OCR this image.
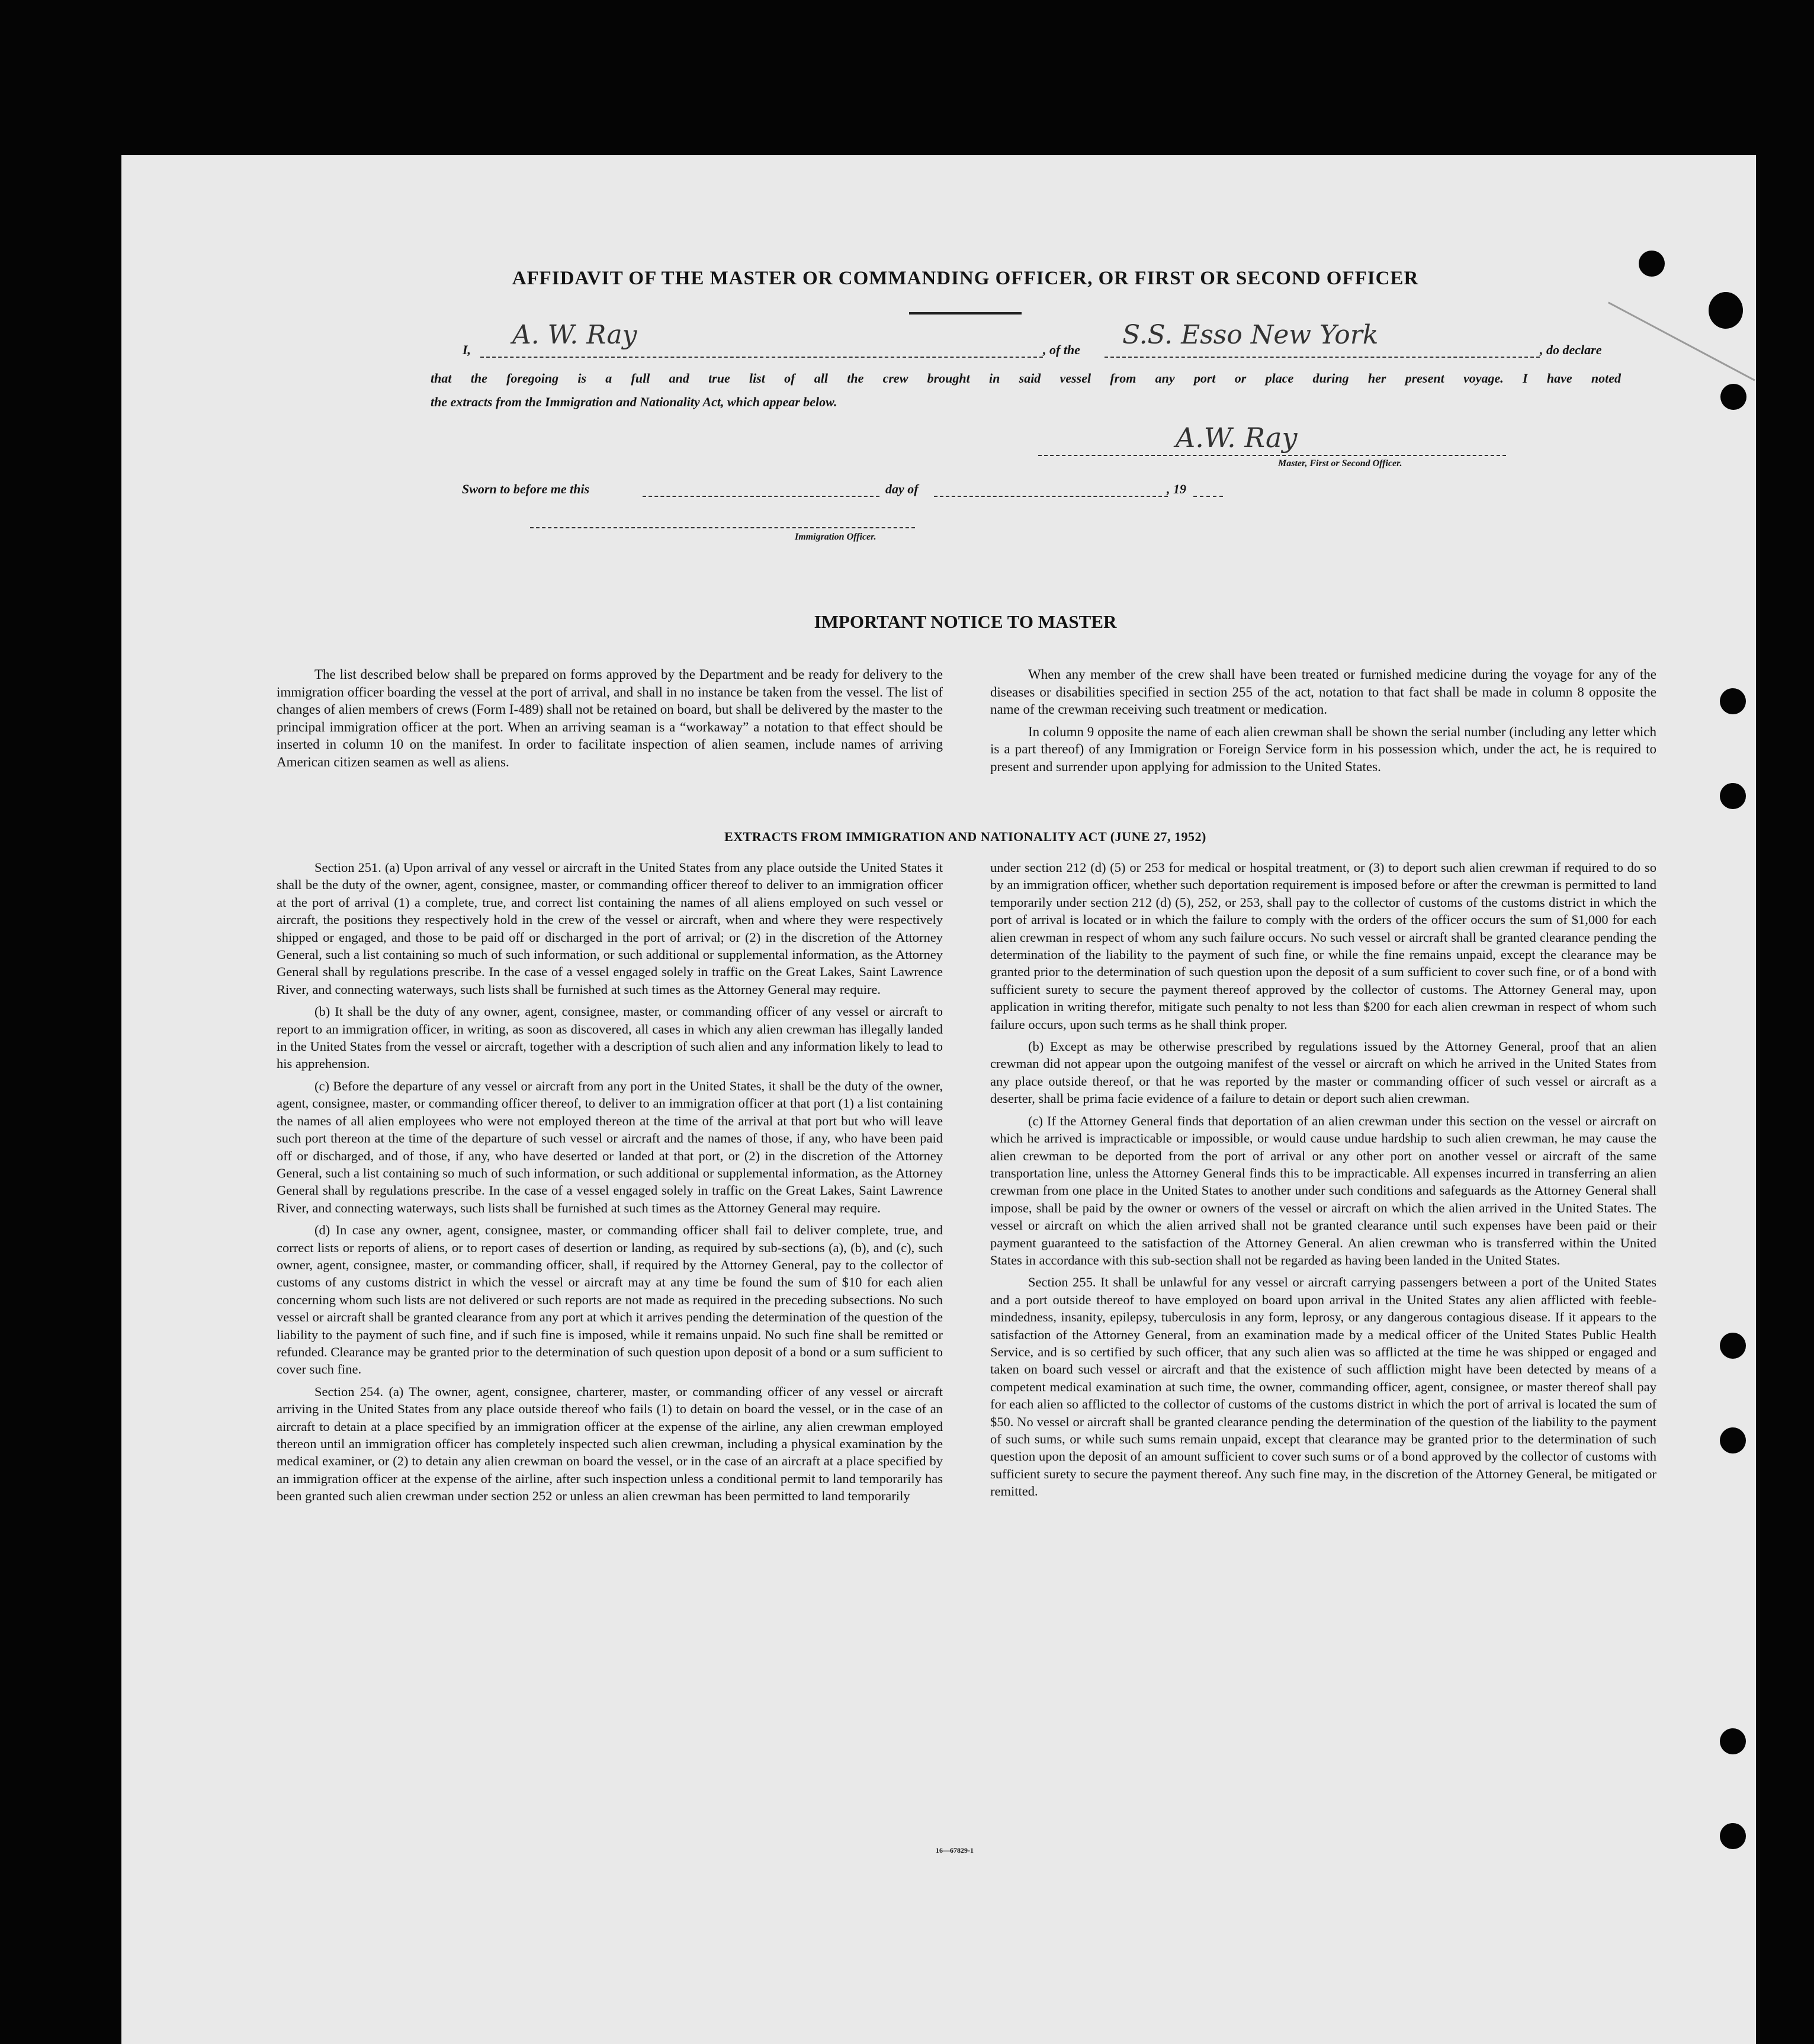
AFFIDAVIT OF THE MASTER OR COMMANDING OFFICER, OR FIRST OR SECOND OFFICER
I, A. W. Ray	, of the S.S. Esso New York	, do declare
that the foregoing is a full and true list of all the crew brought in said vessel from any port or place during her present voyage. I have noted
the extracts from the Immigration and Nationality Act, which appear below.
A.W. Ray
Master, First or Second Officer.
Sworn to before me this	day of	, 19
Immigration Officer.
IMPORTANT NOTICE TO MASTER

The list described below shall be prepared on forms approved by the Department and be ready for delivery to the immigration officer boarding the vessel at the port of arrival, and shall in no instance be taken from the vessel. The list of changes of alien members of crews (Form I-489) shall not be retained on board, but shall be delivered by the master to the principal immigration officer at the port. When an arriving seaman is a “workaway” a notation to that effect should be inserted in column 10 on the manifest. In order to facilitate inspection of alien seamen, include names of arriving American citizen seamen as well as aliens.

When any member of the crew shall have been treated or furnished medicine during the voyage for any of the diseases or disabilities specified in section 255 of the act, notation to that fact shall be made in column 8 opposite the name of the crewman receiving such treatment or medication.

In column 9 opposite the name of each alien crewman shall be shown the serial number (including any letter which is a part thereof) of any Immigration or Foreign Service form in his possession which, under the act, he is required to present and surrender upon applying for admission to the United States.

EXTRACTS FROM IMMIGRATION AND NATIONALITY ACT (JUNE 27, 1952)

Section 251. (a) Upon arrival of any vessel or aircraft in the United States from any place outside the United States it shall be the duty of the owner, agent, consignee, master, or commanding officer thereof to deliver to an immigration officer at the port of arrival (1) a complete, true, and correct list containing the names of all aliens employed on such vessel or aircraft, the positions they respectively hold in the crew of the vessel or aircraft, when and where they were respectively shipped or engaged, and those to be paid off or discharged in the port of arrival; or (2) in the discretion of the Attorney General, such a list containing so much of such information, or such additional or supplemental information, as the Attorney General shall by regulations prescribe. In the case of a vessel engaged solely in traffic on the Great Lakes, Saint Lawrence River, and connecting waterways, such lists shall be furnished at such times as the Attorney General may require.

(b) It shall be the duty of any owner, agent, consignee, master, or commanding officer of any vessel or aircraft to report to an immigration officer, in writing, as soon as discovered, all cases in which any alien crewman has illegally landed in the United States from the vessel or aircraft, together with a description of such alien and any information likely to lead to his apprehension.

(c) Before the departure of any vessel or aircraft from any port in the United States, it shall be the duty of the owner, agent, consignee, master, or commanding officer thereof, to deliver to an immigration officer at that port (1) a list containing the names of all alien employees who were not employed thereon at the time of the arrival at that port but who will leave such port thereon at the time of the departure of such vessel or aircraft and the names of those, if any, who have been paid off or discharged, and of those, if any, who have deserted or landed at that port, or (2) in the discretion of the Attorney General, such a list containing so much of such information, or such additional or supplemental information, as the Attorney General shall by regulations prescribe. In the case of a vessel engaged solely in traffic on the Great Lakes, Saint Lawrence River, and connecting waterways, such lists shall be furnished at such times as the Attorney General may require.

(d) In case any owner, agent, consignee, master, or commanding officer shall fail to deliver complete, true, and correct lists or reports of aliens, or to report cases of desertion or landing, as required by sub-sections (a), (b), and (c), such owner, agent, consignee, master, or commanding officer, shall, if required by the Attorney General, pay to the collector of customs of any customs district in which the vessel or aircraft may at any time be found the sum of $10 for each alien concerning whom such lists are not delivered or such reports are not made as required in the preceding subsections. No such vessel or aircraft shall be granted clearance from any port at which it arrives pending the determination of the question of the liability to the payment of such fine, and if such fine is imposed, while it remains unpaid. No such fine shall be remitted or refunded. Clearance may be granted prior to the determination of such question upon deposit of a bond or a sum sufficient to cover such fine.

Section 254. (a) The owner, agent, consignee, charterer, master, or commanding officer of any vessel or aircraft arriving in the United States from any place outside thereof who fails (1) to detain on board the vessel, or in the case of an aircraft to detain at a place specified by an immigration officer at the expense of the airline, any alien crewman employed thereon until an immigration officer has completely inspected such alien crewman, including a physical examination by the medical examiner, or (2) to detain any alien crewman on board the vessel, or in the case of an aircraft at a place specified by an immigration officer at the expense of the airline, after such inspection unless a conditional permit to land temporarily has been granted such alien crewman under section 252 or unless an alien crewman has been permitted to land temporarily

under section 212 (d) (5) or 253 for medical or hospital treatment, or (3) to deport such alien crewman if required to do so by an immigration officer, whether such deportation requirement is imposed before or after the crewman is permitted to land temporarily under section 212 (d) (5), 252, or 253, shall pay to the collector of customs of the customs district in which the port of arrival is located or in which the failure to comply with the orders of the officer occurs the sum of $1,000 for each alien crewman in respect of whom any such failure occurs. No such vessel or aircraft shall be granted clearance pending the determination of the liability to the payment of such fine, or while the fine remains unpaid, except the clearance may be granted prior to the determination of such question upon the deposit of a sum sufficient to cover such fine, or of a bond with sufficient surety to secure the payment thereof approved by the collector of customs. The Attorney General may, upon application in writing therefor, mitigate such penalty to not less than $200 for each alien crewman in respect of whom such failure occurs, upon such terms as he shall think proper.

(b) Except as may be otherwise prescribed by regulations issued by the Attorney General, proof that an alien crewman did not appear upon the outgoing manifest of the vessel or aircraft on which he arrived in the United States from any place outside thereof, or that he was reported by the master or commanding officer of such vessel or aircraft as a deserter, shall be prima facie evidence of a failure to detain or deport such alien crewman.

(c) If the Attorney General finds that deportation of an alien crewman under this section on the vessel or aircraft on which he arrived is impracticable or impossible, or would cause undue hardship to such alien crewman, he may cause the alien crewman to be deported from the port of arrival or any other port on another vessel or aircraft of the same transportation line, unless the Attorney General finds this to be impracticable. All expenses incurred in transferring an alien crewman from one place in the United States to another under such conditions and safeguards as the Attorney General shall impose, shall be paid by the owner or owners of the vessel or aircraft on which the alien arrived in the United States. The vessel or aircraft on which the alien arrived shall not be granted clearance until such expenses have been paid or their payment guaranteed to the satisfaction of the Attorney General. An alien crewman who is transferred within the United States in accordance with this sub-section shall not be regarded as having been landed in the United States.

Section 255. It shall be unlawful for any vessel or aircraft carrying passengers between a port of the United States and a port outside thereof to have employed on board upon arrival in the United States any alien afflicted with feeble-mindedness, insanity, epilepsy, tuberculosis in any form, leprosy, or any dangerous contagious disease. If it appears to the satisfaction of the Attorney General, from an examination made by a medical officer of the United States Public Health Service, and is so certified by such officer, that any such alien was so afflicted at the time he was shipped or engaged and taken on board such vessel or aircraft and that the existence of such affliction might have been detected by means of a competent medical examination at such time, the owner, commanding officer, agent, consignee, or master thereof shall pay for each alien so afflicted to the collector of customs of the customs district in which the port of arrival is located the sum of $50. No vessel or aircraft shall be granted clearance pending the determination of the question of the liability to the payment of such sums, or while such sums remain unpaid, except that clearance may be granted prior to the determination of such question upon the deposit of an amount sufficient to cover such sums or of a bond approved by the collector of customs with sufficient surety to secure the payment thereof. Any such fine may, in the discretion of the Attorney General, be mitigated or remitted.

16—67829-1
